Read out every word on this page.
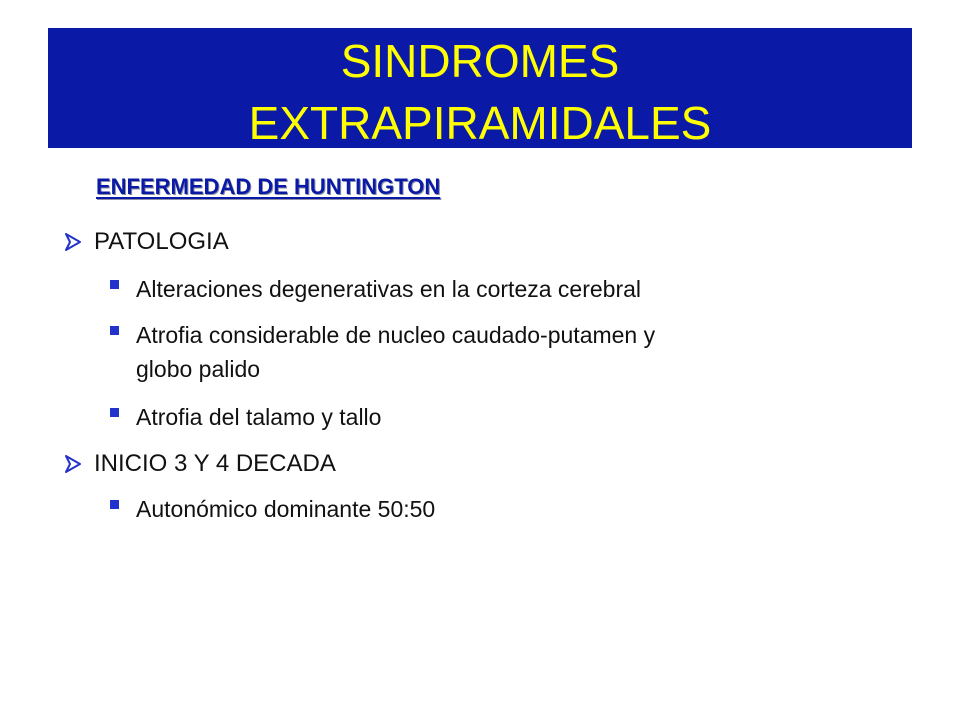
SINDROMES
EXTRAPIRAMIDALES
ENFERMEDAD DE HUNTINGTON
PATOLOGIA
Alteraciones degenerativas en la corteza cerebral
Atrofia considerable de nucleo caudado-putamen y
globo palido
Atrofia del talamo y tallo
INICIO 3 Y 4 DECADA
Autonómico dominante 50:50
